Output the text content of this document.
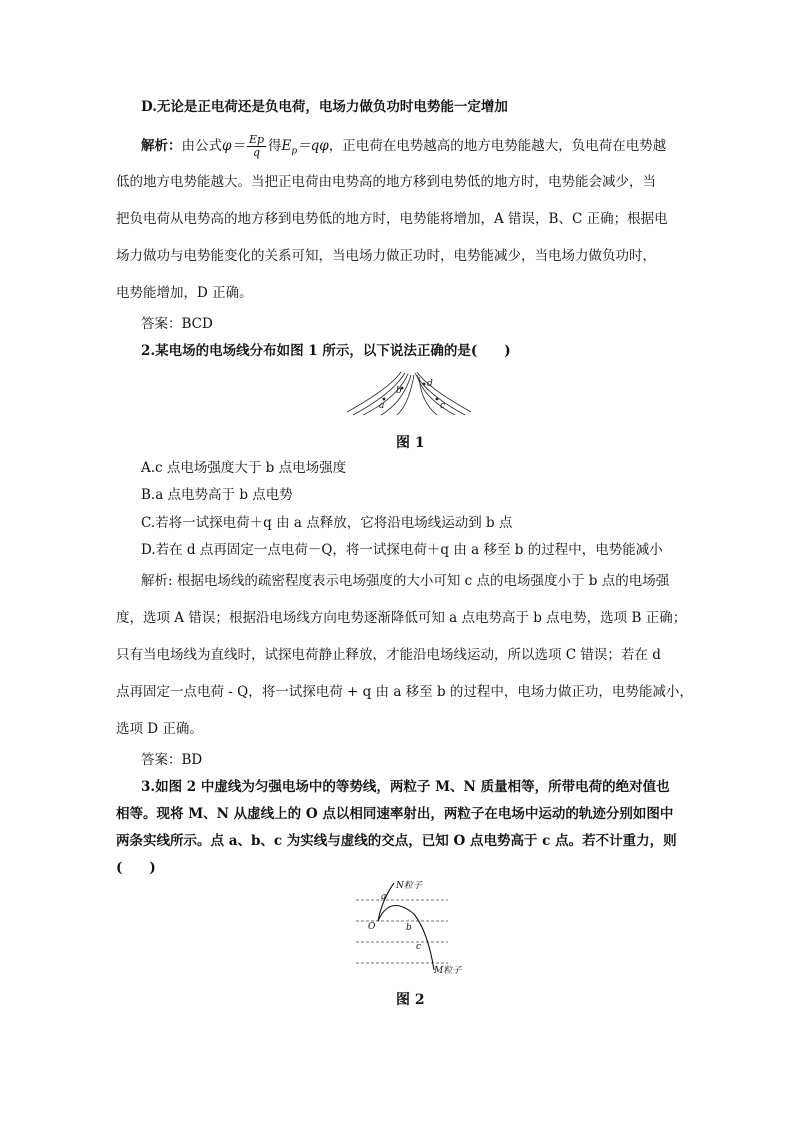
D.无论是正电荷还是负电荷，电场力做负功时电势能一定增加
解析：由公式$\varphi= \frac{Ep}{q}$ 得$E_p=q\varphi$，正电荷在电势越高的地方电势能越大，负电荷在电势越
低的地方电势能越大。当把正电荷由电势高的地方移到电势低的地方时，电势能会减少，当
把负电荷从电势高的地方移到电势低的地方时，电势能将增加，A 错误，B、C 正确；根据电
场力做功与电势能变化的关系可知，当电场力做正功时，电势能减少，当电场力做负功时，
电势能增加，D 正确。
答案：BCD
2.某电场的电场线分布如图 1 所示，以下说法正确的是(　　)
a
b
c
d
图 1
A.c 点电场强度大于 b 点电场强度
B.a 点电势高于 b 点电势
C.若将一试探电荷＋q 由 a 点释放，它将沿电场线运动到 b 点
D.若在 d 点再固定一点电荷－Q，将一试探电荷＋q 由 a 移至 b 的过程中，电势能减小
解析: 根据电场线的疏密程度表示电场强度的大小可知 c 点的电场强度小于 b 点的电场强
度，选项 A 错误；根据沿电场线方向电势逐渐降低可知 a 点电势高于 b 点电势，选项 B 正确；
只有当电场线为直线时，试探电荷静止释放，才能沿电场线运动，所以选项 C 错误；若在 d
点再固定一点电荷 - Q，将一试探电荷 + q 由 a 移至 b 的过程中，电场力做正功，电势能减小，
选项 D 正确。
答案：BD
3.如图 2 中虚线为匀强电场中的等势线，两粒子 M、N 质量相等，所带电荷的绝对值也
相等。现将 M、N 从虚线上的 O 点以相同速率射出，两粒子在电场中运动的轨迹分别如图中
两条实线所示。点 a、b、c 为实线与虚线的交点，已知 O 点电势高于 c 点。若不计重力，则
(　　)
N粒子
a
O	b
c
M粒子
图 2
